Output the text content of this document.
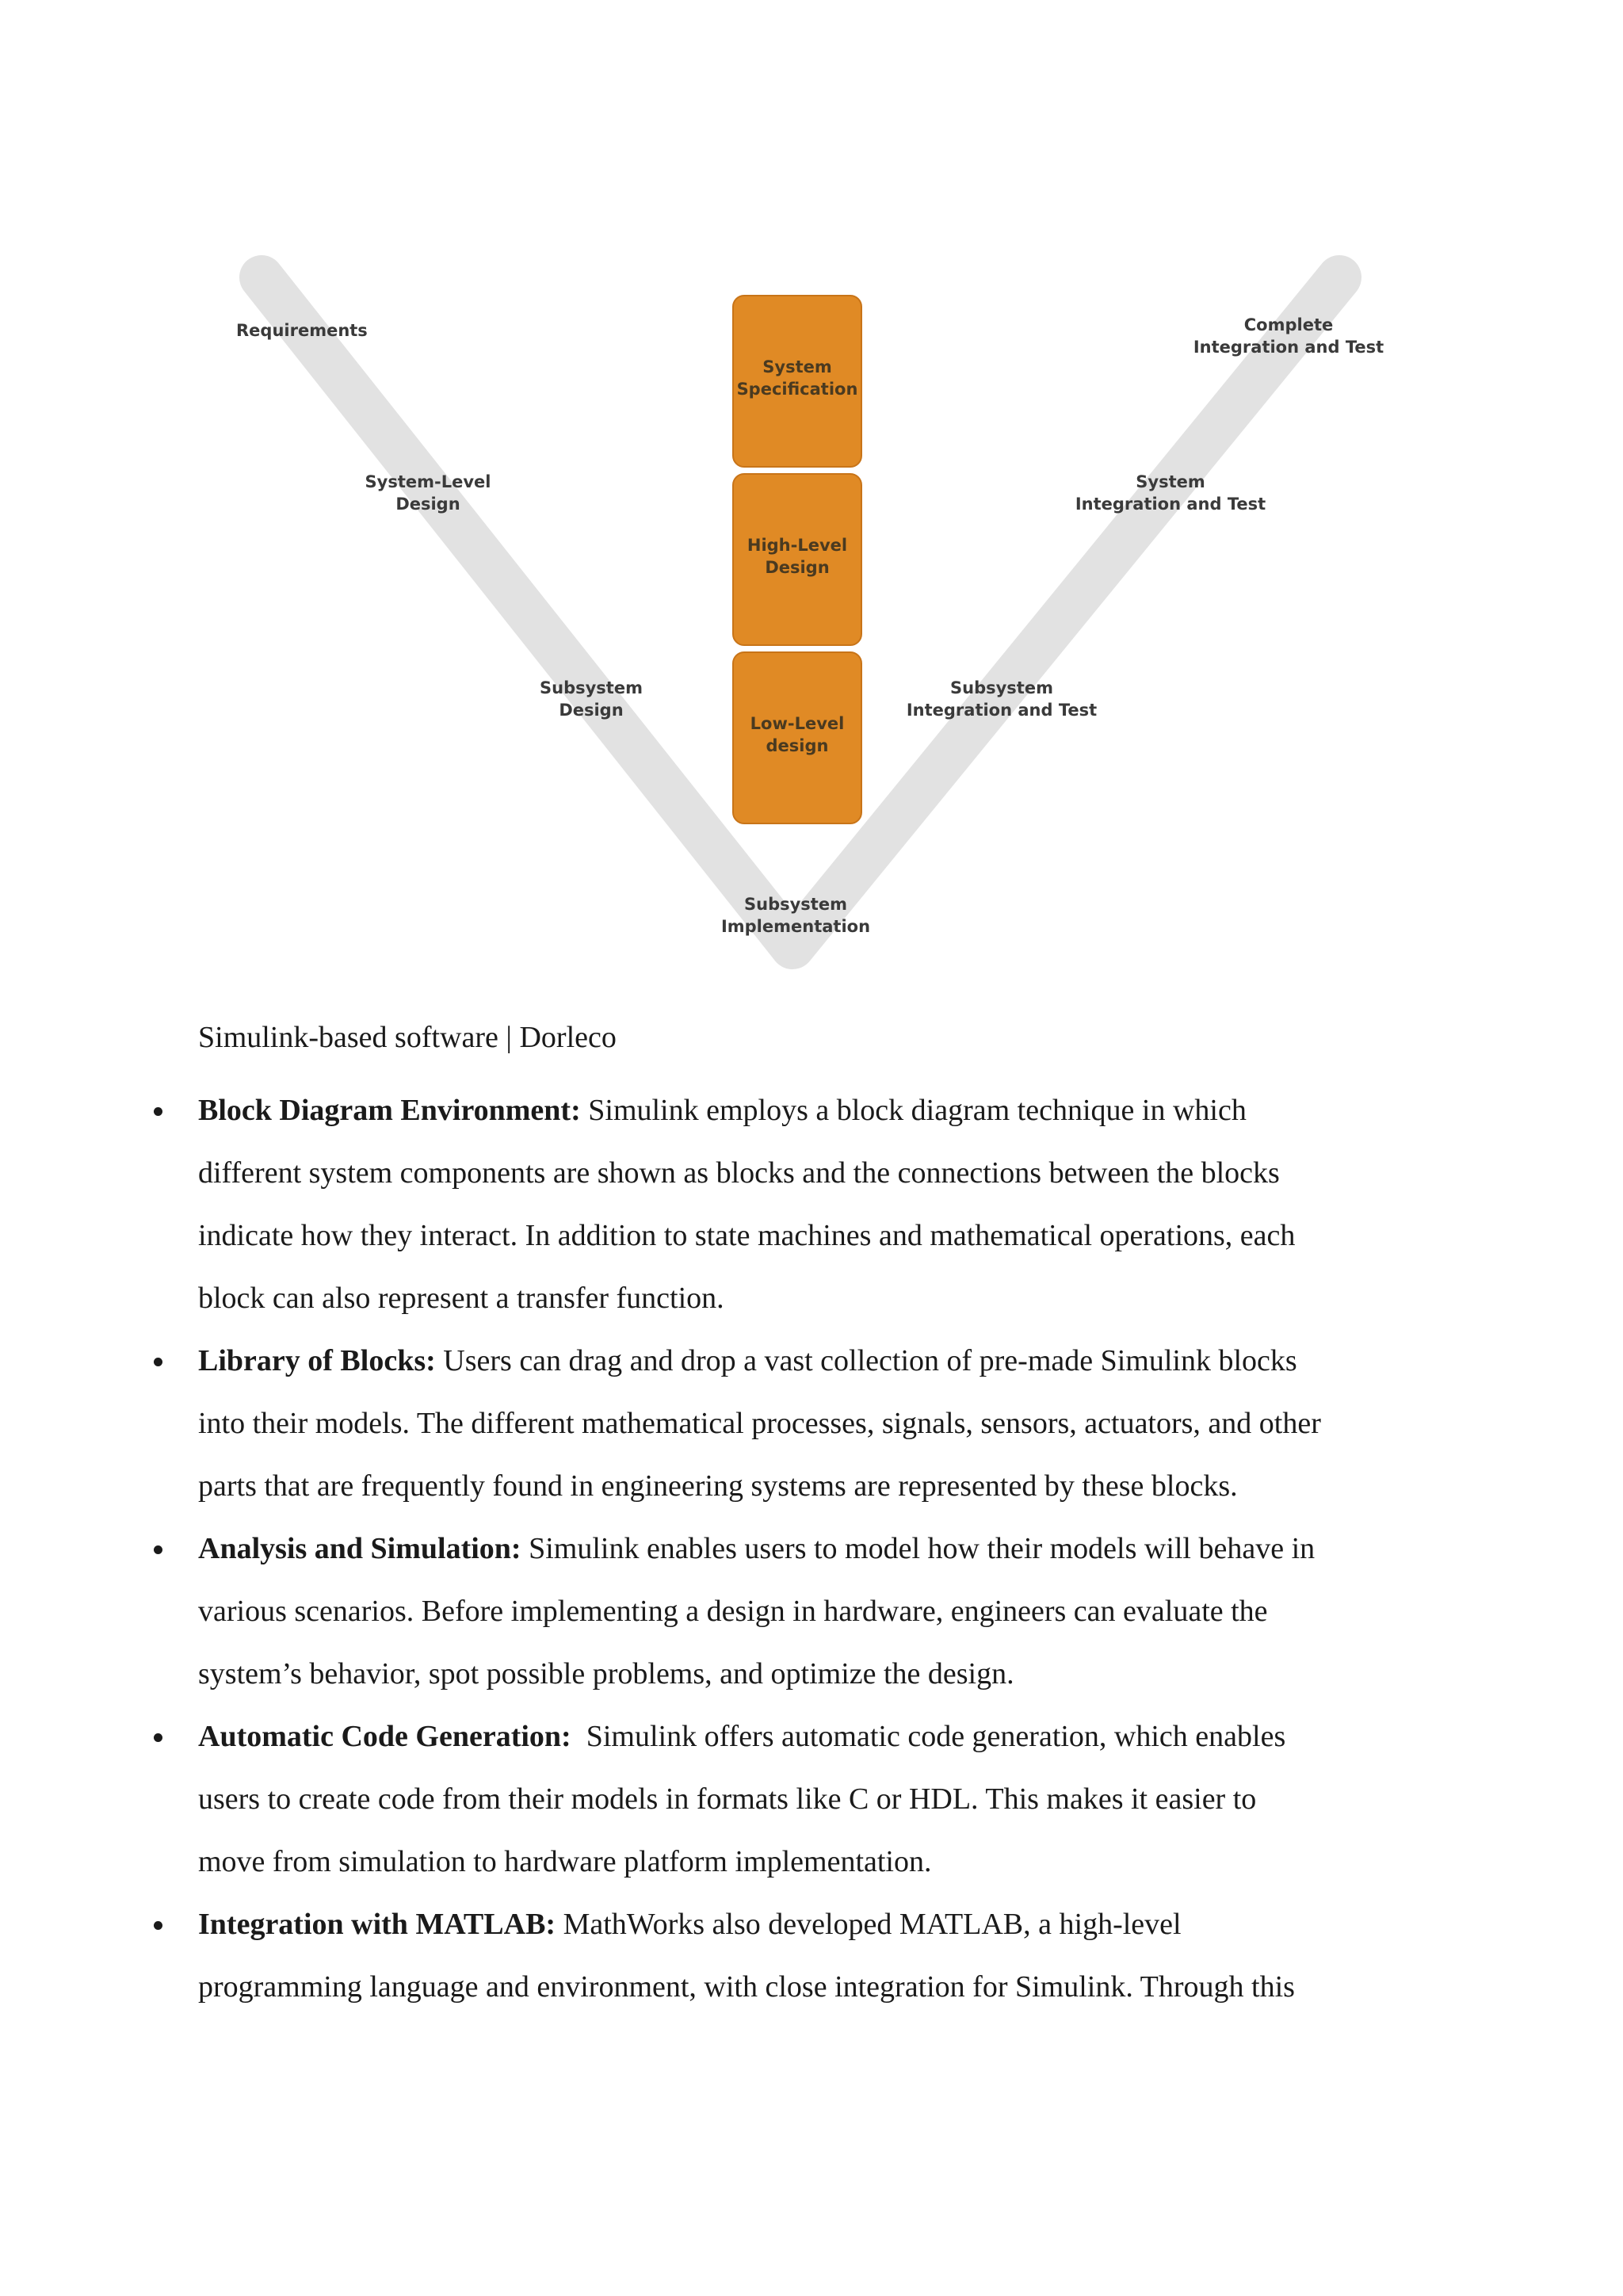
System
Specification
High-Level
Design
Low-Level
design
Requirements
System-Level
Design
Subsystem
Design
Subsystem
Implementation
Subsystem
Integration and Test
System
Integration and Test
Complete
Integration and Test

Simulink-based software | Dorleco

Block Diagram Environment: Simulink employs a block diagram technique in which
different system components are shown as blocks and the connections between the blocks
indicate how they interact. In addition to state machines and mathematical operations, each
block can also represent a transfer function.
Library of Blocks: Users can drag and drop a vast collection of pre-made Simulink blocks
into their models. The different mathematical processes, signals, sensors, actuators, and other
parts that are frequently found in engineering systems are represented by these blocks.
Analysis and Simulation: Simulink enables users to model how their models will behave in
various scenarios. Before implementing a design in hardware, engineers can evaluate the
system’s behavior, spot possible problems, and optimize the design.
Automatic Code Generation:  Simulink offers automatic code generation, which enables
users to create code from their models in formats like C or HDL. This makes it easier to
move from simulation to hardware platform implementation.
Integration with MATLAB: MathWorks also developed MATLAB, a high-level
programming language and environment, with close integration for Simulink. Through this
